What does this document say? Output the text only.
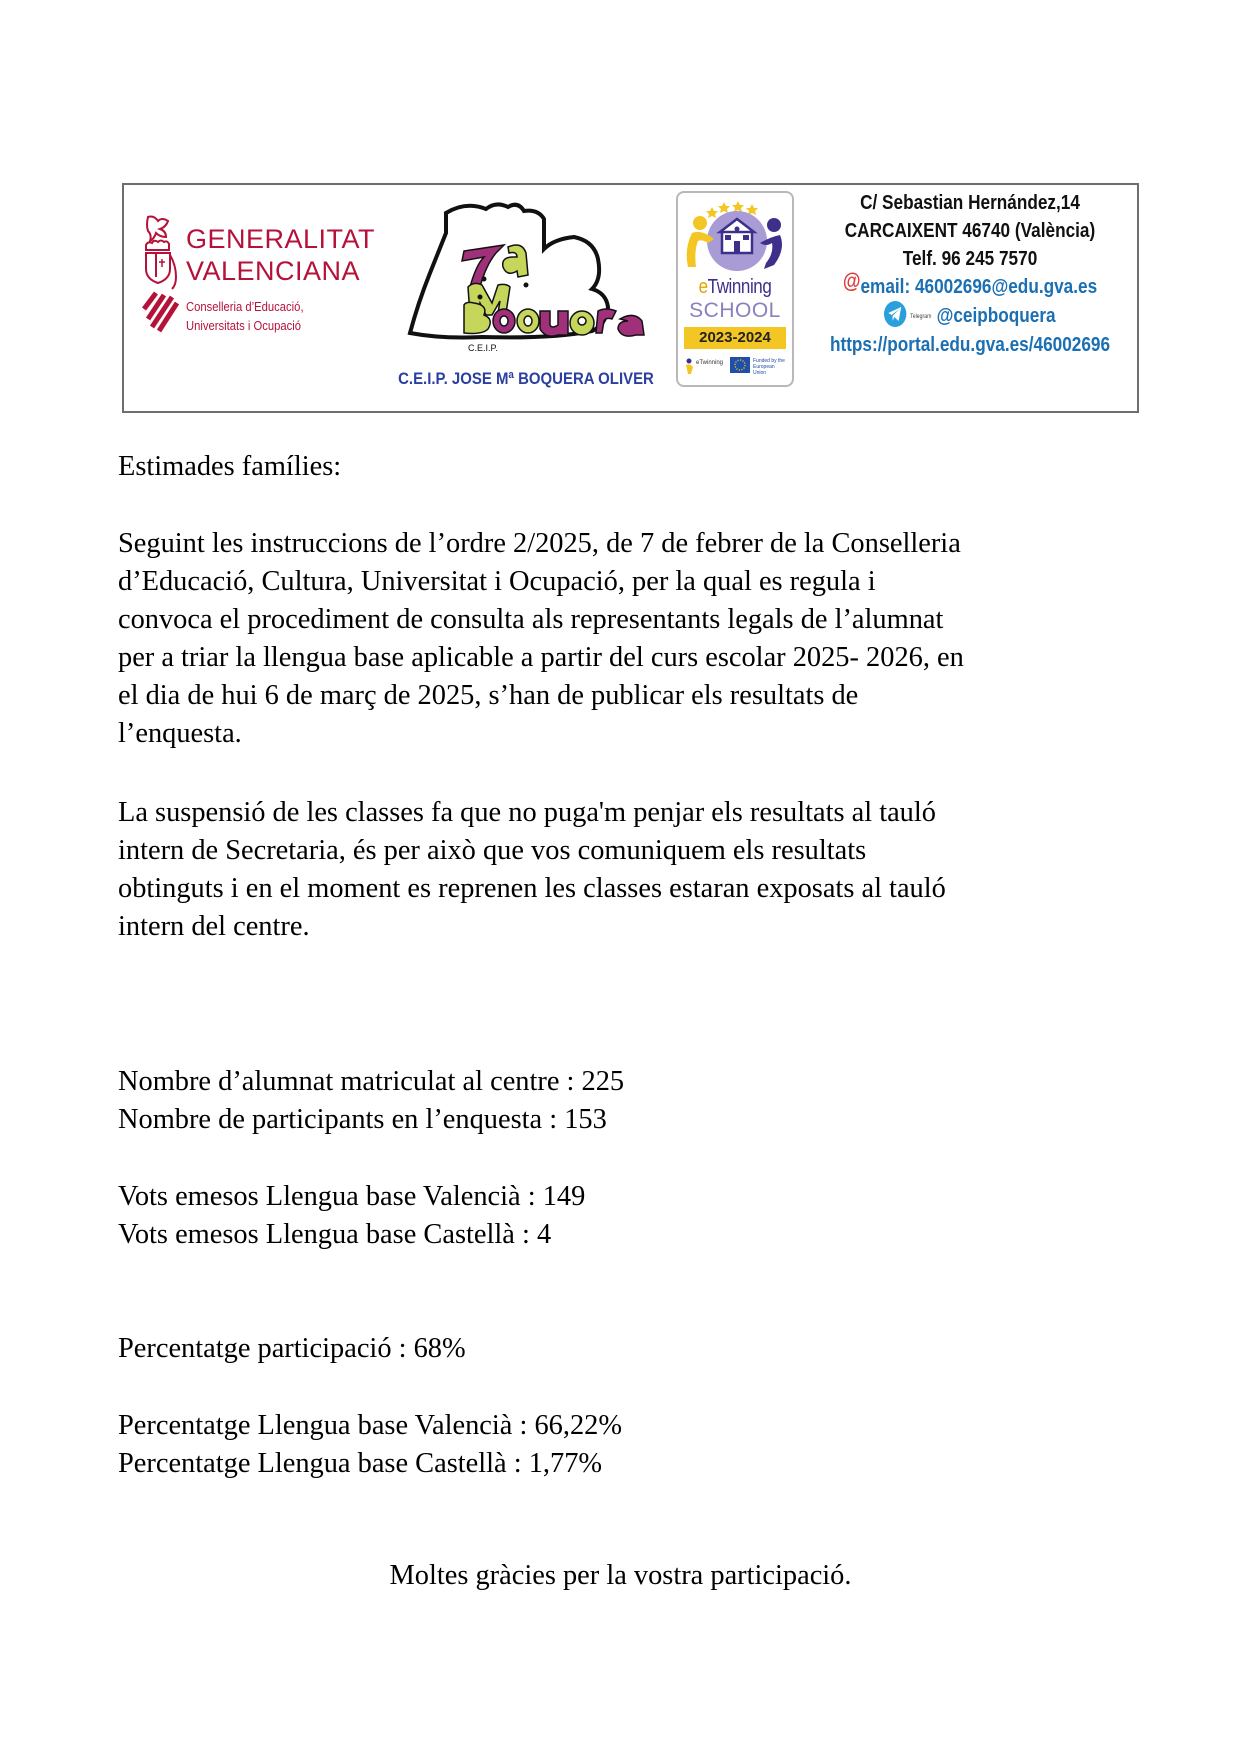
GENERALITAT
VALENCIANA
Conselleria d’Educació,
Universitats i Ocupació
C.E.I.P.
C.E.I.P. JOSE Mª BOQUERA OLIVER
eTwinning
SCHOOL
2023-2024
eTwinning	Funded by the European Union
C/ Sebastian Hernández,14
CARCAIXENT 46740 (València)
Telf. 96 245 7570
@email: 46002696@edu.gva.es
$^{Telegram}$ @ceipboquera
https://portal.edu.gva.es/46002696
Estimades famílies:
Seguint les instruccions de l’ordre 2/2025, de 7 de febrer de la Conselleria
d’Educació, Cultura, Universitat i Ocupació, per la qual es regula i
convoca el procediment de consulta als representants legals de l’alumnat
per a triar la llengua base aplicable a partir del curs escolar 2025- 2026, en
el dia de hui 6 de març de 2025, s’han de publicar els resultats de
l’enquesta.
La suspensió de les classes fa que no puga'm penjar els resultats al tauló
intern de Secretaria, és per això que vos comuniquem els resultats
obtinguts i en el moment es reprenen les classes estaran exposats al tauló
intern del centre.
Nombre d’alumnat matriculat al centre : 225
Nombre de participants en l’enquesta : 153
Vots emesos Llengua base Valencià : 149
Vots emesos Llengua base Castellà : 4
Percentatge participació : 68%
Percentatge Llengua base Valencià : 66,22%
Percentatge Llengua base Castellà : 1,77%
Moltes gràcies per la vostra participació.
